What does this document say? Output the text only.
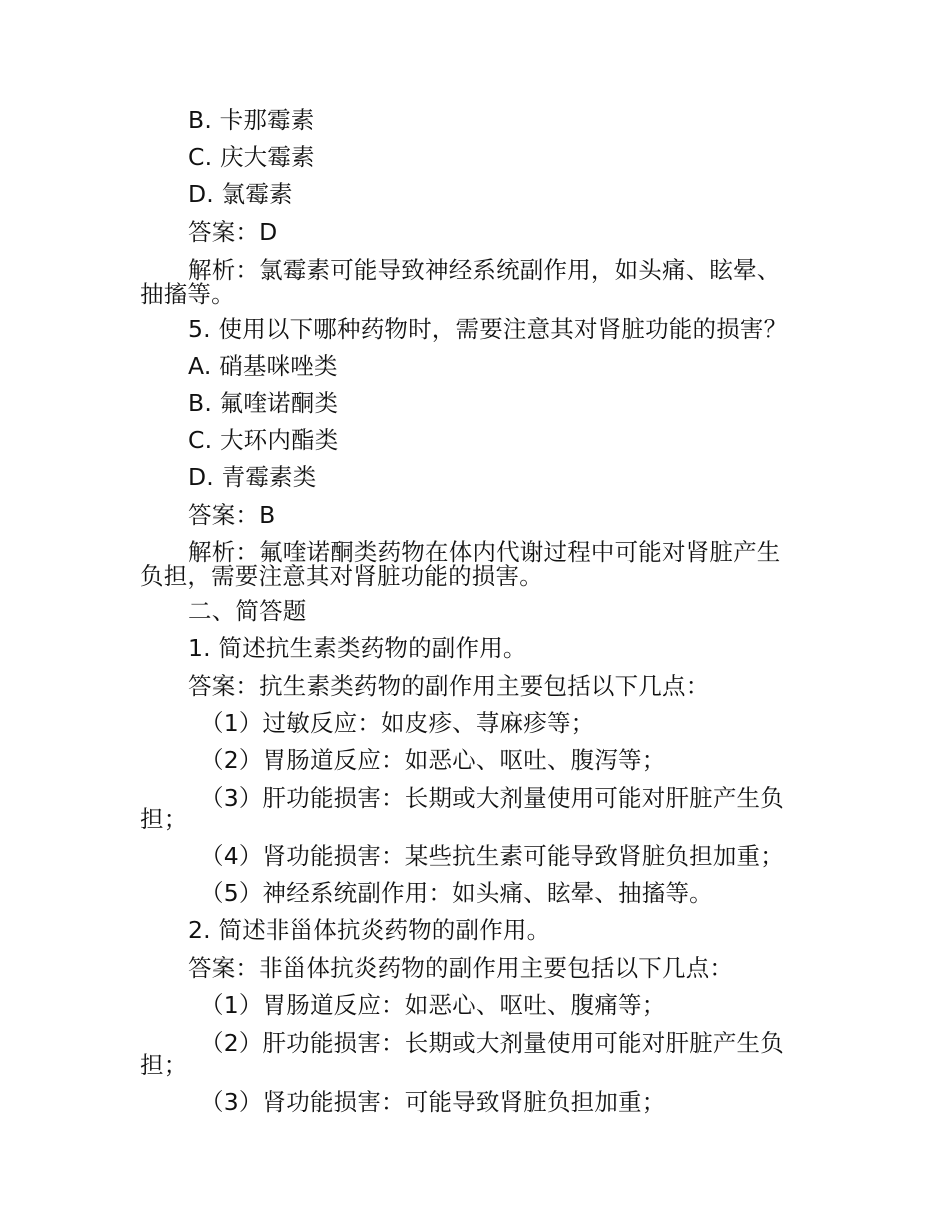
B. 卡那霉素
C. 庆大霉素
D. 氯霉素
答案：D
解析：氯霉素可能导致神经系统副作用，如头痛、眩晕、
抽搐等。
5. 使用以下哪种药物时，需要注意其对肾脏功能的损害？
A. 硝基咪唑类
B. 氟喹诺酮类
C. 大环内酯类
D. 青霉素类
答案：B
解析：氟喹诺酮类药物在体内代谢过程中可能对肾脏产生
负担，需要注意其对肾脏功能的损害。
二、简答题
1. 简述抗生素类药物的副作用。
答案：抗生素类药物的副作用主要包括以下几点：
（1）过敏反应：如皮疹、荨麻疹等；
（2）胃肠道反应：如恶心、呕吐、腹泻等；
（3）肝功能损害：长期或大剂量使用可能对肝脏产生负
担；
（4）肾功能损害：某些抗生素可能导致肾脏负担加重；
（5）神经系统副作用：如头痛、眩晕、抽搐等。
2. 简述非甾体抗炎药物的副作用。
答案：非甾体抗炎药物的副作用主要包括以下几点：
（1）胃肠道反应：如恶心、呕吐、腹痛等；
（2）肝功能损害：长期或大剂量使用可能对肝脏产生负
担；
（3）肾功能损害：可能导致肾脏负担加重；
